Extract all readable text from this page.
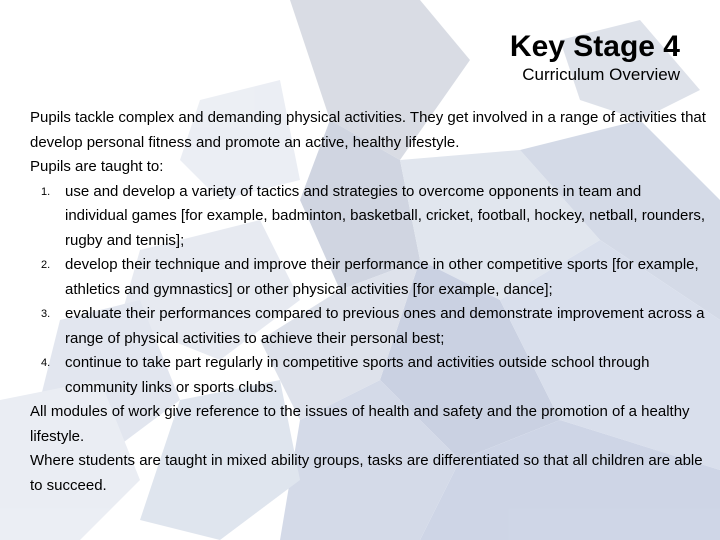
Key Stage 4
Curriculum Overview

Pupils tackle complex and demanding physical activities. They get involved in a range of activities that develop personal fitness and promote an active, healthy lifestyle.

Pupils are taught to:

1. use and develop a variety of tactics and strategies to overcome opponents in team and individual games [for example, badminton, basketball, cricket, football, hockey, netball, rounders, rugby and tennis];
2. develop their technique and improve their performance in other competitive sports [for example, athletics and gymnastics] or other physical activities [for example, dance];
3. evaluate their performances compared to previous ones and demonstrate improvement across a range of physical activities to achieve their personal best;
4. continue to take part regularly in competitive sports and activities outside school through community links or sports clubs.

All modules of work give reference to the issues of health and safety and the promotion of a healthy lifestyle.

Where students are taught in mixed ability groups, tasks are differentiated so that all children are able to succeed.
